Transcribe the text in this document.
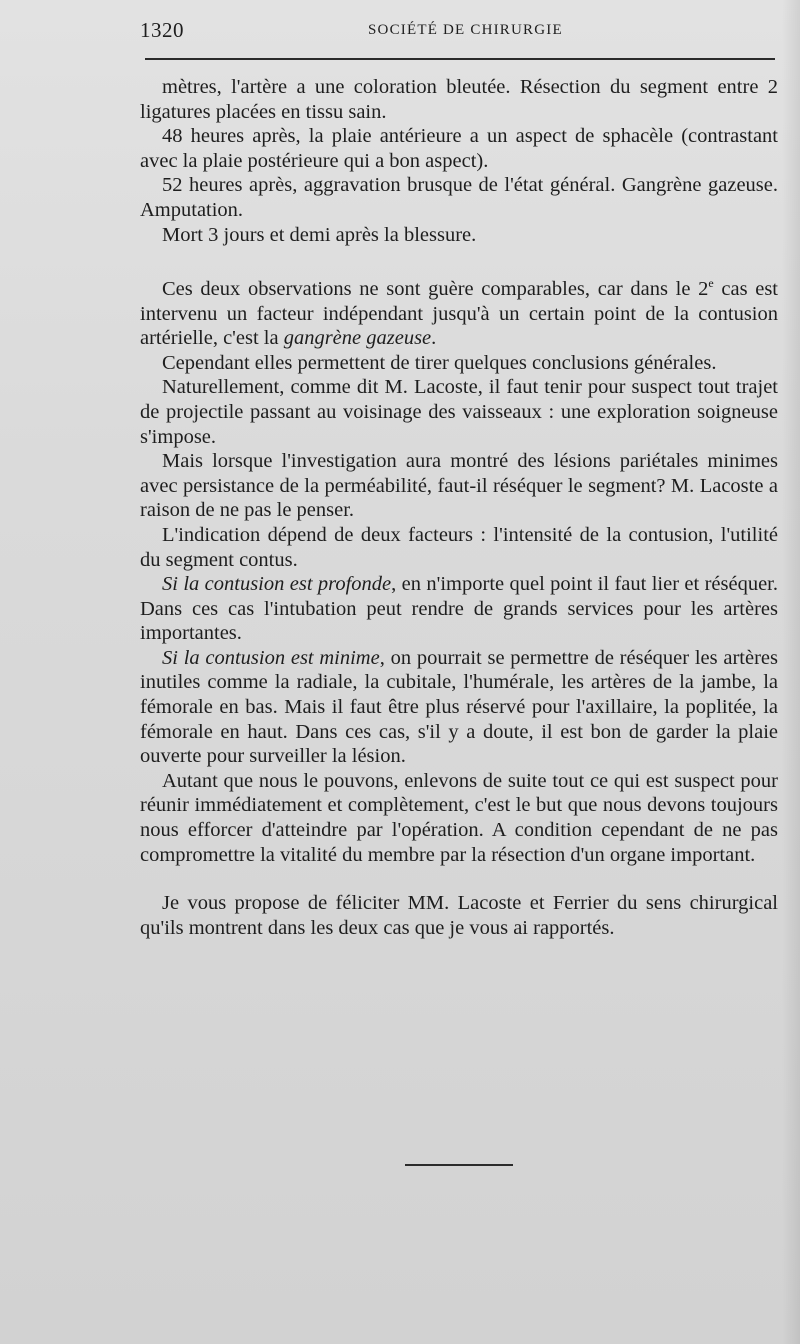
1320	SOCIÉTÉ DE CHIRURGIE

mètres, l'artère a une coloration bleutée. Résection du segment entre 2 ligatures placées en tissu sain.

48 heures après, la plaie antérieure a un aspect de sphacèle (contrastant avec la plaie postérieure qui a bon aspect).

52 heures après, aggravation brusque de l'état général. Gangrène gazeuse. Amputation.

Mort 3 jours et demi après la blessure.

Ces deux observations ne sont guère comparables, car dans le 2e cas est intervenu un facteur indépendant jusqu'à un certain point de la contusion artérielle, c'est la gangrène gazeuse.

Cependant elles permettent de tirer quelques conclusions générales.

Naturellement, comme dit M. Lacoste, il faut tenir pour suspect tout trajet de projectile passant au voisinage des vaisseaux : une exploration soigneuse s'impose.

Mais lorsque l'investigation aura montré des lésions pariétales minimes avec persistance de la perméabilité, faut-il réséquer le segment? M. Lacoste a raison de ne pas le penser.

L'indication dépend de deux facteurs : l'intensité de la contusion, l'utilité du segment contus.

Si la contusion est profonde, en n'importe quel point il faut lier et réséquer. Dans ces cas l'intubation peut rendre de grands services pour les artères importantes.

Si la contusion est minime, on pourrait se permettre de réséquer les artères inutiles comme la radiale, la cubitale, l'humérale, les artères de la jambe, la fémorale en bas. Mais il faut être plus réservé pour l'axillaire, la poplitée, la fémorale en haut. Dans ces cas, s'il y a doute, il est bon de garder la plaie ouverte pour surveiller la lésion.

Autant que nous le pouvons, enlevons de suite tout ce qui est suspect pour réunir immédiatement et complètement, c'est le but que nous devons toujours nous efforcer d'atteindre par l'opération. A condition cependant de ne pas compromettre la vitalité du membre par la résection d'un organe important.

Je vous propose de féliciter MM. Lacoste et Ferrier du sens chirurgical qu'ils montrent dans les deux cas que je vous ai rapportés.
